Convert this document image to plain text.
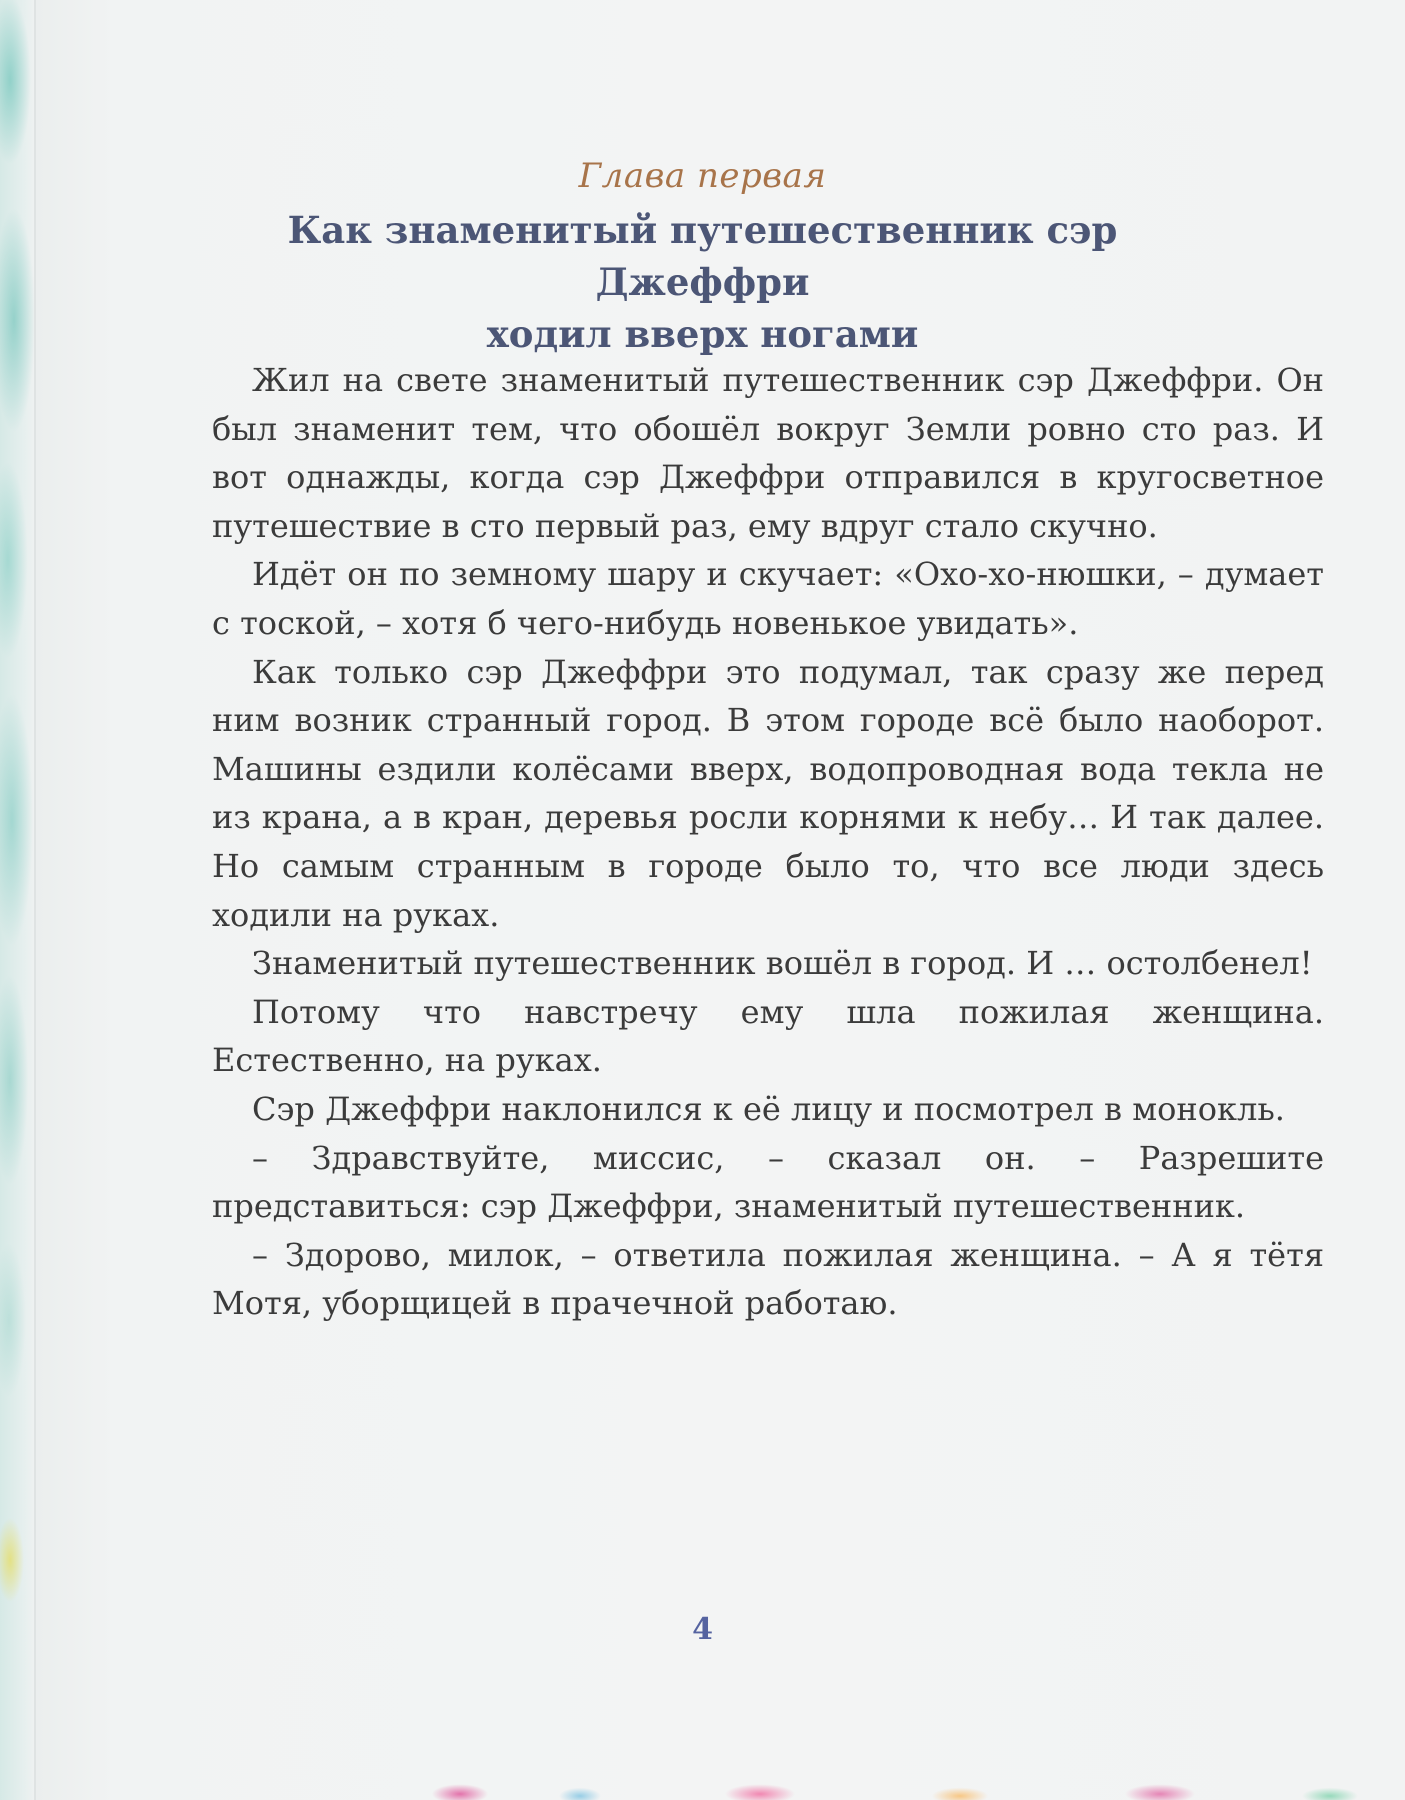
Глава первая
Как знаменитый путешественник сэр Джеффри
ходил вверх ногами

Жил на свете знаменитый путешественник сэр Джеффри. Он был знаменит тем, что обошёл вокруг Земли ровно сто раз. И вот однажды, когда сэр Джеффри отправился в кругосветное путешествие в сто первый раз, ему вдруг стало скучно.

Идёт он по земному шару и скучает: «Охо-хо-нюшки, – думает с тоской, – хотя б чего-нибудь новенькое увидать».

Как только сэр Джеффри это подумал, так сразу же перед ним возник странный город. В этом городе всё было наоборот. Машины ездили колёсами вверх, водопроводная вода текла не из крана, а в кран, деревья росли корнями к небу… И так далее. Но самым странным в городе было то, что все люди здесь ходили на руках.

Знаменитый путешественник вошёл в город. И … остолбенел!

Потому что навстречу ему шла пожилая женщина. Естественно, на руках.

Сэр Джеффри наклонился к её лицу и посмотрел в монокль.

– Здравствуйте, миссис, – сказал он. – Разрешите представиться: сэр Джеффри, знаменитый путешественник.

– Здорово, милок, – ответила пожилая женщина. – А я тётя Мотя, уборщицей в прачечной работаю.

4
